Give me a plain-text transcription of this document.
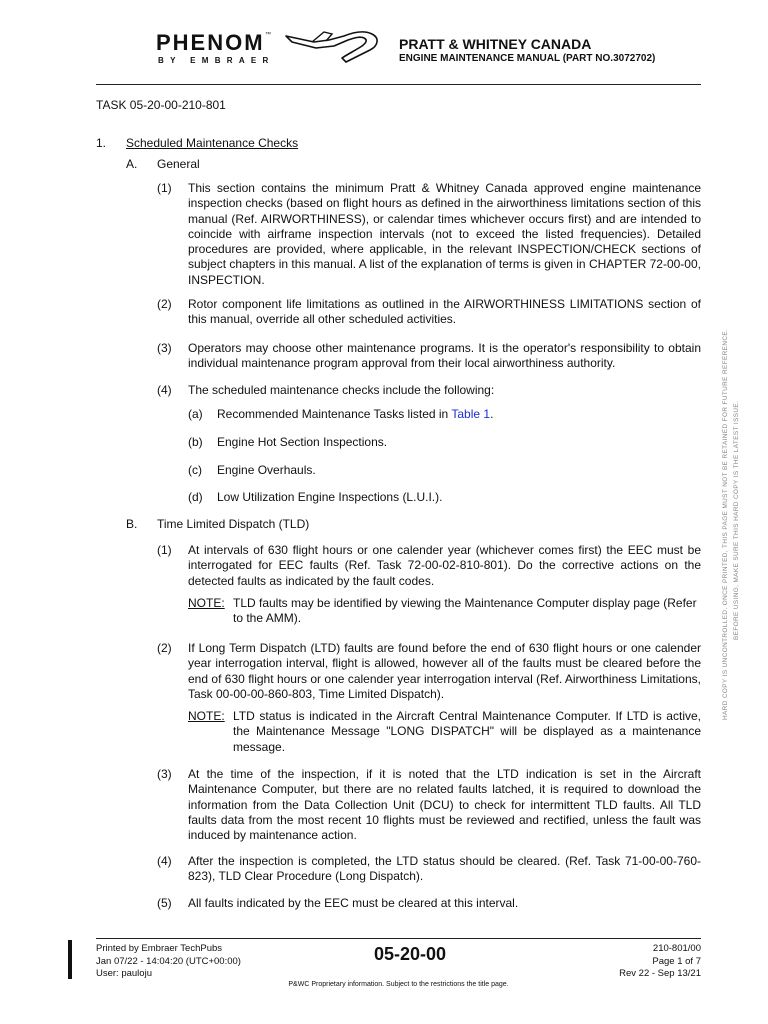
PHENOM ™
BY EMBRAER
PRATT & WHITNEY CANADA
ENGINE MAINTENANCE MANUAL (PART NO.3072702)
TASK 05-20-00-210-801
1. Scheduled Maintenance Checks
A. General
(1) This section contains the minimum Pratt & Whitney Canada approved engine maintenance inspection checks (based on flight hours as defined in the airworthiness limitations section of this manual (Ref. AIRWORTHINESS), or calendar times whichever occurs first) and are intended to coincide with airframe inspection intervals (not to exceed the listed frequencies). Detailed procedures are provided, where applicable, in the relevant INSPECTION/CHECK sections of subject chapters in this manual. A list of the explanation of terms is given in CHAPTER 72-00-00, INSPECTION.
(2) Rotor component life limitations as outlined in the AIRWORTHINESS LIMITATIONS section of this manual, override all other scheduled activities.
(3) Operators may choose other maintenance programs. It is the operator's responsibility to obtain individual maintenance program approval from their local airworthiness authority.
(4) The scheduled maintenance checks include the following:
(a) Recommended Maintenance Tasks listed in Table 1.
(b) Engine Hot Section Inspections.
(c) Engine Overhauls.
(d) Low Utilization Engine Inspections (L.U.I.).
B. Time Limited Dispatch (TLD)
(1) At intervals of 630 flight hours or one calender year (whichever comes first) the EEC must be interrogated for EEC faults (Ref. Task 72-00-02-810-801). Do the corrective actions on the detected faults as indicated by the fault codes.
NOTE: TLD faults may be identified by viewing the Maintenance Computer display page (Refer to the AMM).
(2) If Long Term Dispatch (LTD) faults are found before the end of 630 flight hours or one calender year interrogation interval, flight is allowed, however all of the faults must be cleared before the end of 630 flight hours or one calender year interrogation interval (Ref. Airworthiness Limitations, Task 00-00-00-860-803, Time Limited Dispatch).
NOTE: LTD status is indicated in the Aircraft Central Maintenance Computer. If LTD is active, the Maintenance Message "LONG DISPATCH" will be displayed as a maintenance message.
(3) At the time of the inspection, if it is noted that the LTD indication is set in the Aircraft Maintenance Computer, but there are no related faults latched, it is required to download the information from the Data Collection Unit (DCU) to check for intermittent TLD faults. All TLD faults data from the most recent 10 flights must be reviewed and rectified, unless the fault was induced by maintenance action.
(4) After the inspection is completed, the LTD status should be cleared. (Ref. Task 71-00-00-760-823), TLD Clear Procedure (Long Dispatch).
(5) All faults indicated by the EEC must be cleared at this interval.
HARD COPY IS UNCONTROLLED. ONCE PRINTED, THIS PAGE MUST NOT BE RETAINED FOR FUTURE REFERENCE. BEFORE USING, MAKE SURE THIS HARD COPY IS THE LATEST ISSUE.
Printed by Embraer TechPubs
Jan 07/22 - 14:04:20 (UTC+00:00)
User: pauloju
05-20-00	210-801/00
Page 1 of 7
Rev 22 - Sep 13/21
P&WC Proprietary information. Subject to the restrictions the title page.
